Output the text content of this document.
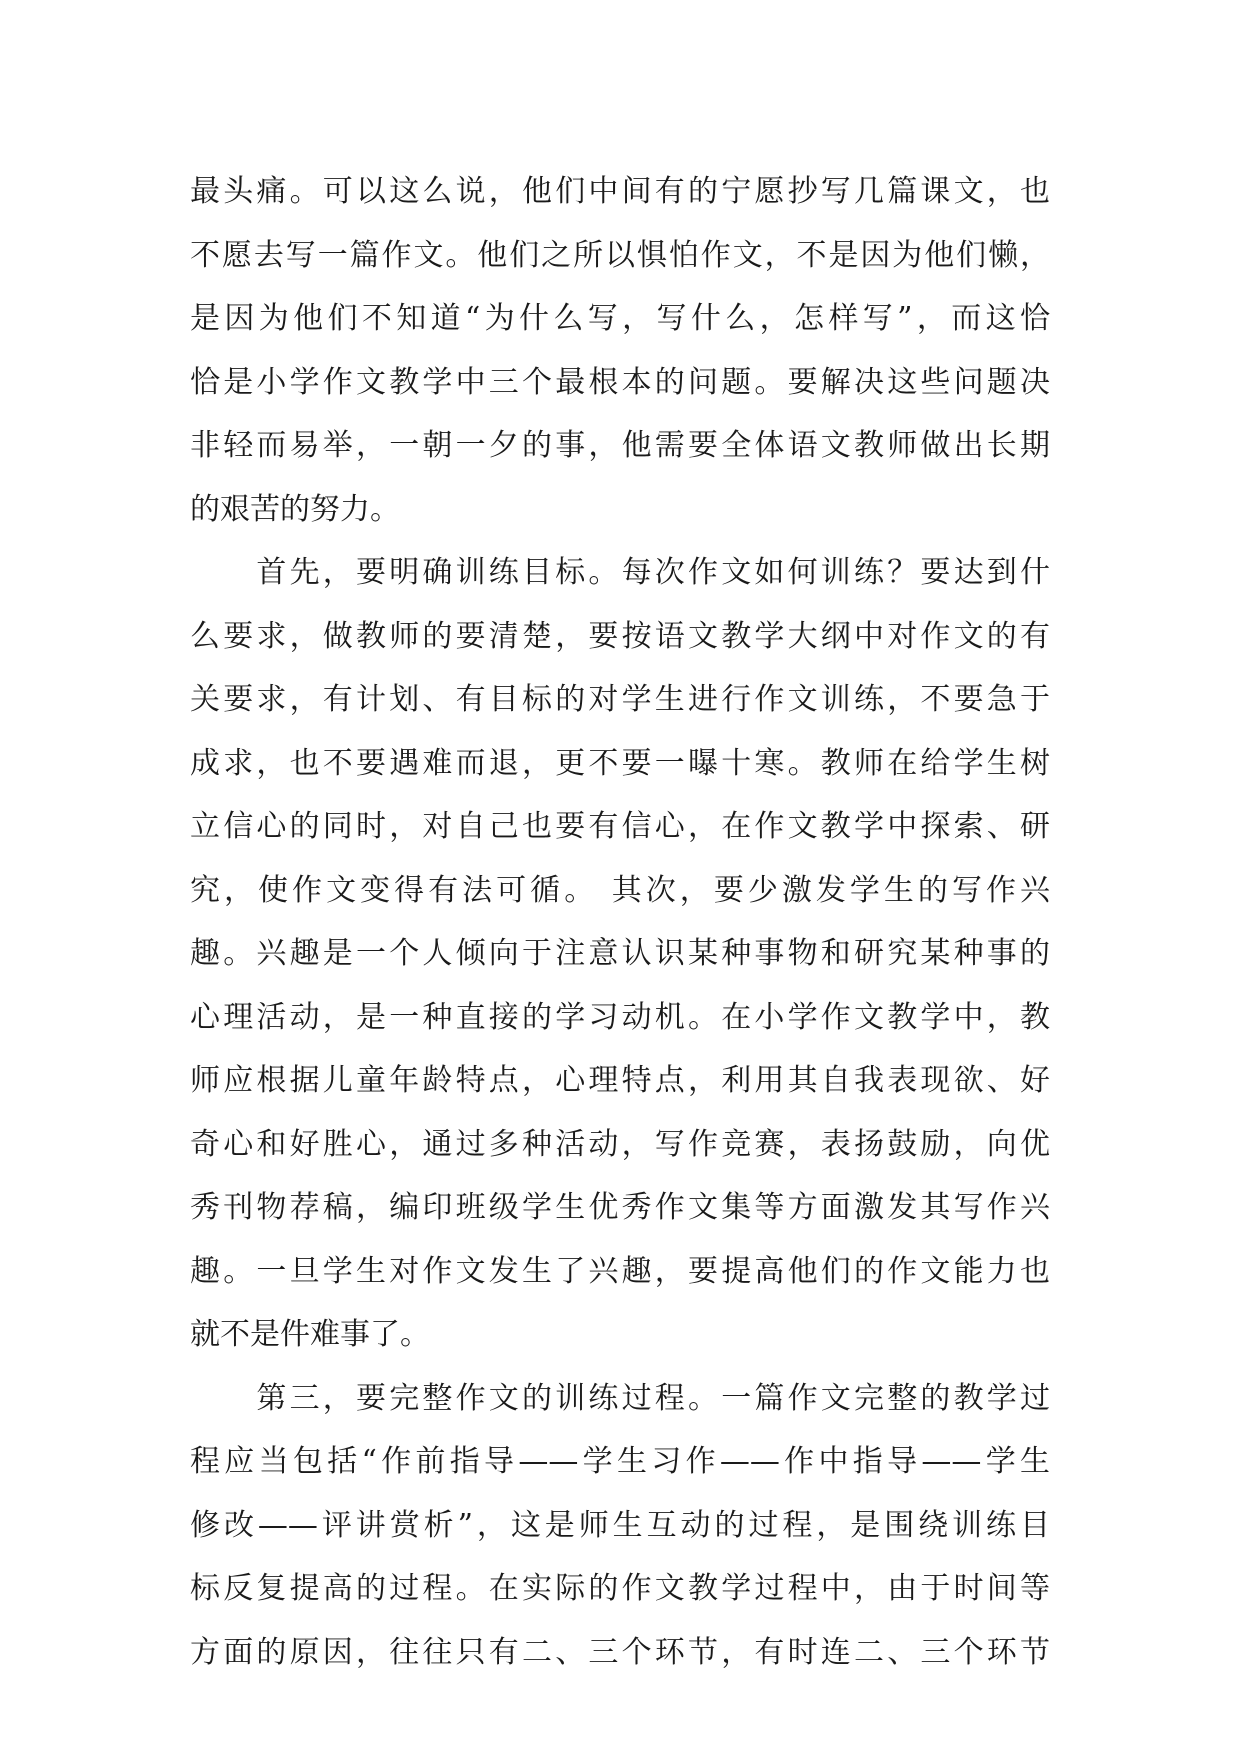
最头痛。可以这么说，他们中间有的宁愿抄写几篇课文，也
不愿去写一篇作文。他们之所以惧怕作文，不是因为他们懒，
是因为他们不知道“为什么写，写什么，怎样写”，而这恰
恰是小学作文教学中三个最根本的问题。要解决这些问题决
非轻而易举，一朝一夕的事，他需要全体语文教师做出长期
的艰苦的努力。
　　首先，要明确训练目标。每次作文如何训练？要达到什
么要求，做教师的要清楚，要按语文教学大纲中对作文的有
关要求，有计划、有目标的对学生进行作文训练，不要急于
成求，也不要遇难而退，更不要一曝十寒。教师在给学生树
立信心的同时，对自己也要有信心，在作文教学中探索、研
究，使作文变得有法可循。 其次，要少激发学生的写作兴
趣。兴趣是一个人倾向于注意认识某种事物和研究某种事的
心理活动，是一种直接的学习动机。在小学作文教学中，教
师应根据儿童年龄特点，心理特点，利用其自我表现欲、好
奇心和好胜心，通过多种活动，写作竞赛，表扬鼓励，向优
秀刊物荐稿，编印班级学生优秀作文集等方面激发其写作兴
趣。一旦学生对作文发生了兴趣，要提高他们的作文能力也
就不是件难事了。
　　第三，要完整作文的训练过程。一篇作文完整的教学过
程应当包括“作前指导——学生习作——作中指导——学生
修改——评讲赏析”，这是师生互动的过程，是围绕训练目
标反复提高的过程。在实际的作文教学过程中，由于时间等
方面的原因，往往只有二、三个环节，有时连二、三个环节
